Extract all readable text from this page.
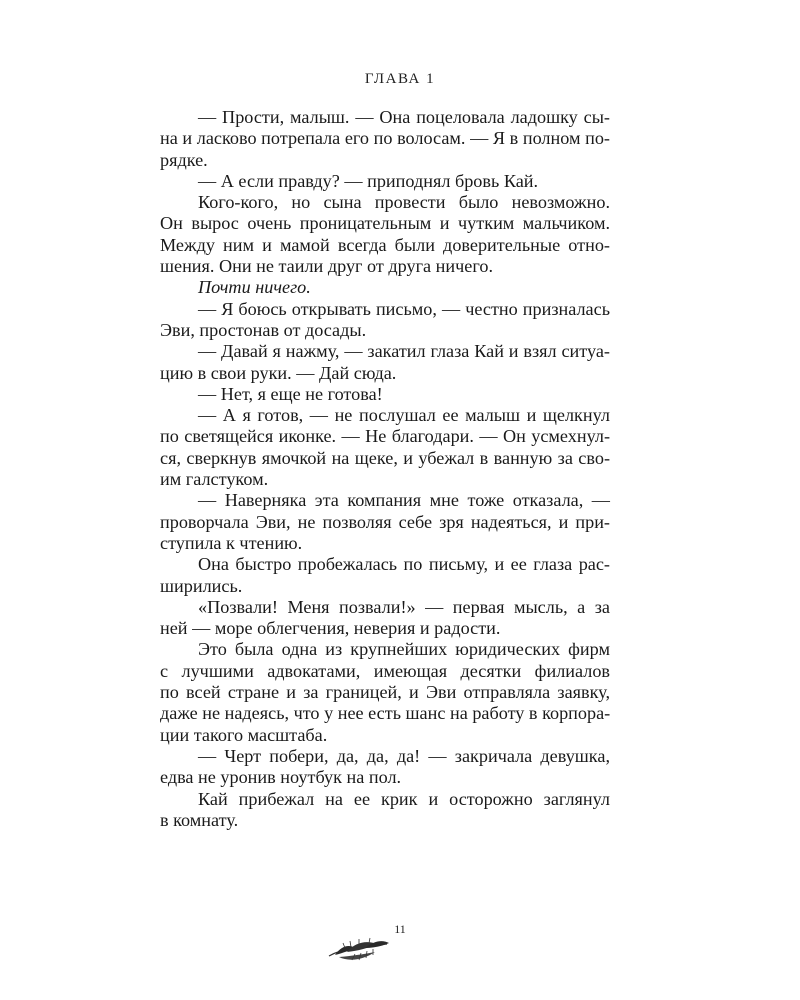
ГЛАВА 1

— Прости, малыш. — Она поцеловала ладошку сы-
на и ласково потрепала его по волосам. — Я в полном по-
рядке.

— А если правду? — приподнял бровь Кай.

Кого-кого, но сына провести было невозможно.
Он вырос очень проницательным и чутким мальчиком.
Между ним и мамой всегда были доверительные отно-
шения. Они не таили друг от друга ничего.

Почти ничего.

— Я боюсь открывать письмо, — честно призналась
Эви, простонав от досады.

— Давай я нажму, — закатил глаза Кай и взял ситуа-
цию в свои руки. — Дай сюда.

— Нет, я еще не готова!

— А я готов, — не послушал ее малыш и щелкнул
по светящейся иконке. — Не благодари. — Он усмехнул-
ся, сверкнув ямочкой на щеке, и убежал в ванную за сво-
им галстуком.

— Наверняка эта компания мне тоже отказала, —
проворчала Эви, не позволяя себе зря надеяться, и при-
ступила к чтению.

Она быстро пробежалась по письму, и ее глаза рас-
ширились.

«Позвали! Меня позвали!» — первая мысль, а за
ней — море облегчения, неверия и радости.

Это была одна из крупнейших юридических фирм
с лучшими адвокатами, имеющая десятки филиалов
по всей стране и за границей, и Эви отправляла заявку,
даже не надеясь, что у нее есть шанс на работу в корпора-
ции такого масштаба.

— Черт побери, да, да, да! — закричала девушка,
едва не уронив ноутбук на пол.

Кай прибежал на ее крик и осторожно заглянул
в комнату.

11
